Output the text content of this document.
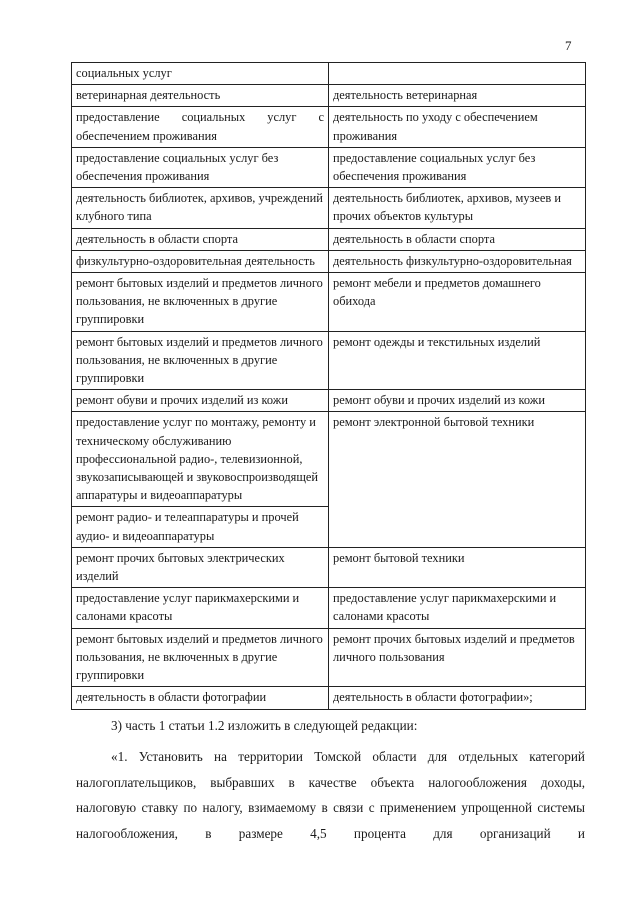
7
социальных услуг	
ветеринарная деятельность	деятельность ветеринарная
предоставление социальных услуг с обеспечением проживания	деятельность по уходу с обеспечением проживания
предоставление социальных услуг без обеспечения проживания	предоставление социальных услуг без обеспечения проживания
деятельность библиотек, архивов, учреждений клубного типа	деятельность библиотек, архивов, музеев и прочих объектов культуры
деятельность в области спорта	деятельность в области спорта
физкультурно-оздоровительная деятельность	деятельность физкультурно-оздоровительная
ремонт бытовых изделий и предметов личного пользования, не включенных в другие группировки	ремонт мебели и предметов домашнего обихода
ремонт бытовых изделий и предметов личного пользования, не включенных в другие группировки	ремонт одежды и текстильных изделий
ремонт обуви и прочих изделий из кожи	ремонт обуви и прочих изделий из кожи
предоставление услуг по монтажу, ремонту и техническому обслуживанию профессиональной радио-, телевизионной, звукозаписывающей и звуковоспроизводящей аппаратуры и видеоаппаратуры	ремонт электронной бытовой техники
ремонт радио- и телеаппаратуры и прочей аудио- и видеоаппаратуры	
ремонт прочих бытовых электрических изделий	ремонт бытовой техники
предоставление услуг парикмахерскими и салонами красоты	предоставление услуг парикмахерскими и салонами красоты
ремонт бытовых изделий и предметов личного пользования, не включенных в другие группировки	ремонт прочих бытовых изделий и предметов личного пользования
деятельность в области фотографии	деятельность в области фотографии»;
3) часть 1 статьи 1.2 изложить в следующей редакции:
«1. Установить на территории Томской области для отдельных категорий налогоплательщиков, выбравших в качестве объекта налогообложения доходы, налоговую ставку по налогу, взимаемому в связи с применением упрощенной системы налогообложения, в размере 4,5 процента для организаций и
